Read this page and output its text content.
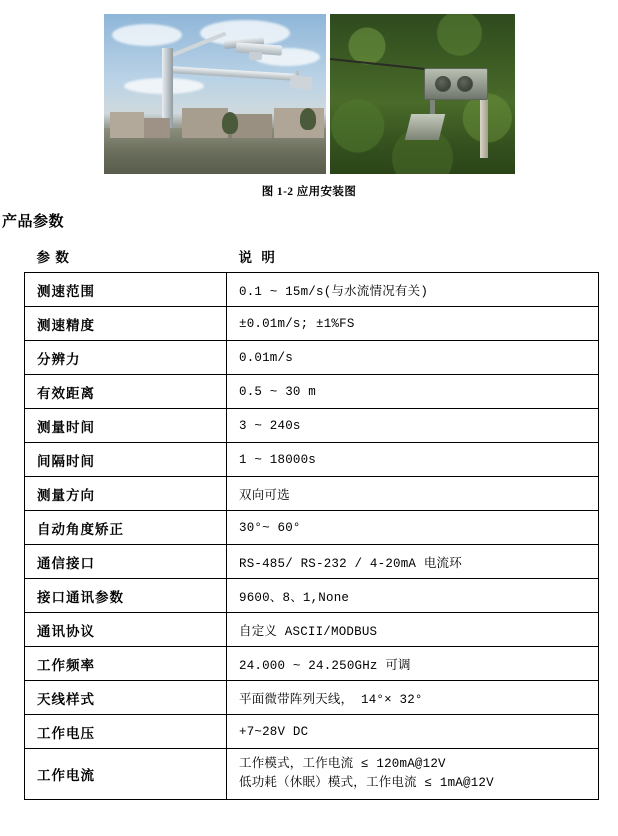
图 1-2 应用安装图
产品参数
参 数	说 明
测速范围	0.1 ~ 15m/s(与水流情况有关)
测速精度	±0.01m/s; ±1%FS
分辨力	0.01m/s
有效距离	0.5 ~ 30 m
测量时间	3 ~ 240s
间隔时间	1 ~ 18000s
测量方向	双向可选
自动角度矫正	30°~ 60°
通信接口	RS-485/ RS-232 / 4-20mA 电流环
接口通讯参数	9600、8、1,None
通讯协议	自定义 ASCII/MODBUS
工作频率	24.000 ~ 24.250GHz 可调
天线样式	平面微带阵列天线， 14°× 32°
工作电压	+7~28V DC
工作电流	工作模式，工作电流 ≤ 120mA@12V
低功耗（休眠）模式，工作电流 ≤ 1mA@12V
